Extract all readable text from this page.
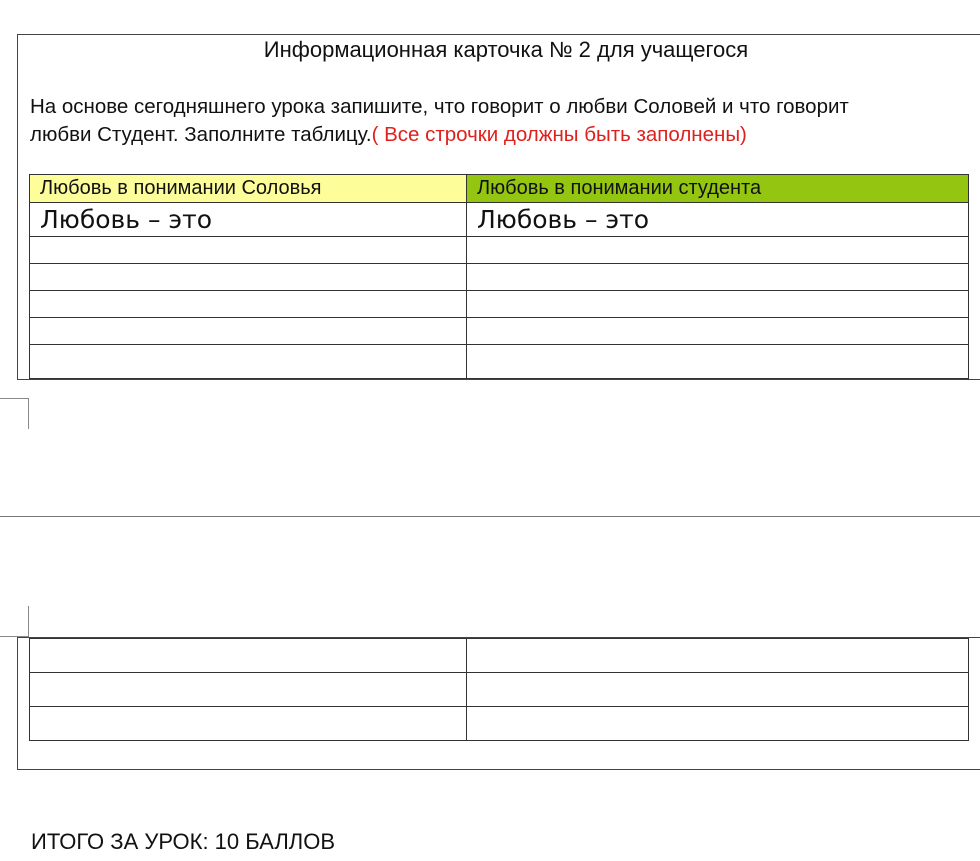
Информационная карточка № 2 для учащегося
На основе сегодняшнего урока запишите, что говорит о любви Соловей и что говорит
любви Студент. Заполните таблицу.( Все строчки должны быть заполнены)
Любовь в понимании Соловья	Любовь в понимании студента
Любовь – это	Любовь – это

ИТОГО ЗА УРОК: 10 БАЛЛОВ
